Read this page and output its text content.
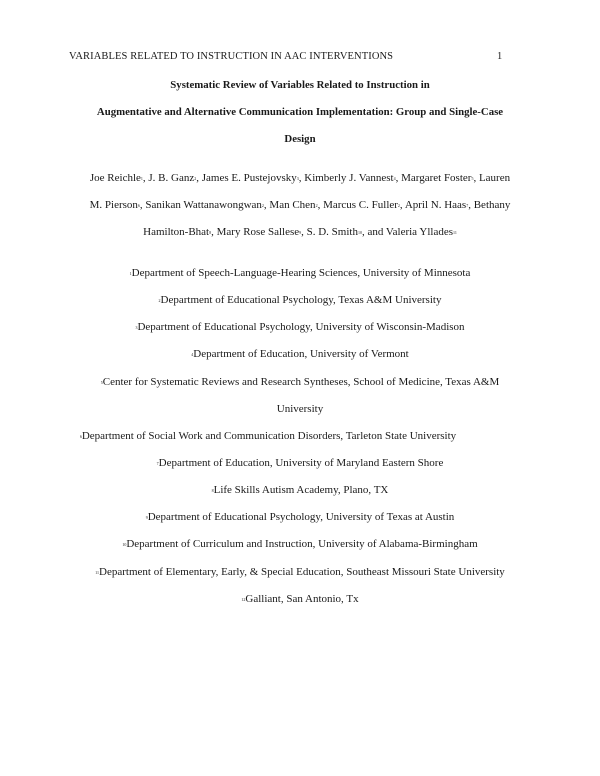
VARIABLES RELATED TO INSTRUCTION IN AAC INTERVENTIONS	1
Systematic Review of Variables Related to Instruction in
Augmentative and Alternative Communication Implementation: Group and Single-Case
Design
Joe Reichle$^1$, J. B. Ganz$^2$, James E. Pustejovsky$^3$, Kimberly J. Vannest$^4$, Margaret Foster$^5$, Lauren
M. Pierson$^6$, Sanikan Wattanawongwan$^2$, Man Chen$^2$, Marcus C. Fuller$^2$, April N. Haas$^7$, Bethany
Hamilton-Bhat$^8$, Mary Rose Sallese$^9$, S. D. Smith$^{10}$, and Valeria Yllades$^{11}$
$^1$Department of Speech-Language-Hearing Sciences, University of Minnesota
$^2$Department of Educational Psychology, Texas A&M University
$^3$Department of Educational Psychology, University of Wisconsin-Madison
$^4$Department of Education, University of Vermont
$^5$Center for Systematic Reviews and Research Syntheses, School of Medicine, Texas A&M
University
$^6$Department of Social Work and Communication Disorders, Tarleton State University
$^7$Department of Education, University of Maryland Eastern Shore
$^8$Life Skills Autism Academy, Plano, TX
$^9$Department of Educational Psychology, University of Texas at Austin
$^{10}$Department of Curriculum and Instruction, University of Alabama-Birmingham
$^{11}$Department of Elementary, Early, & Special Education, Southeast Missouri State University
$^{12}$Galliant, San Antonio, Tx
